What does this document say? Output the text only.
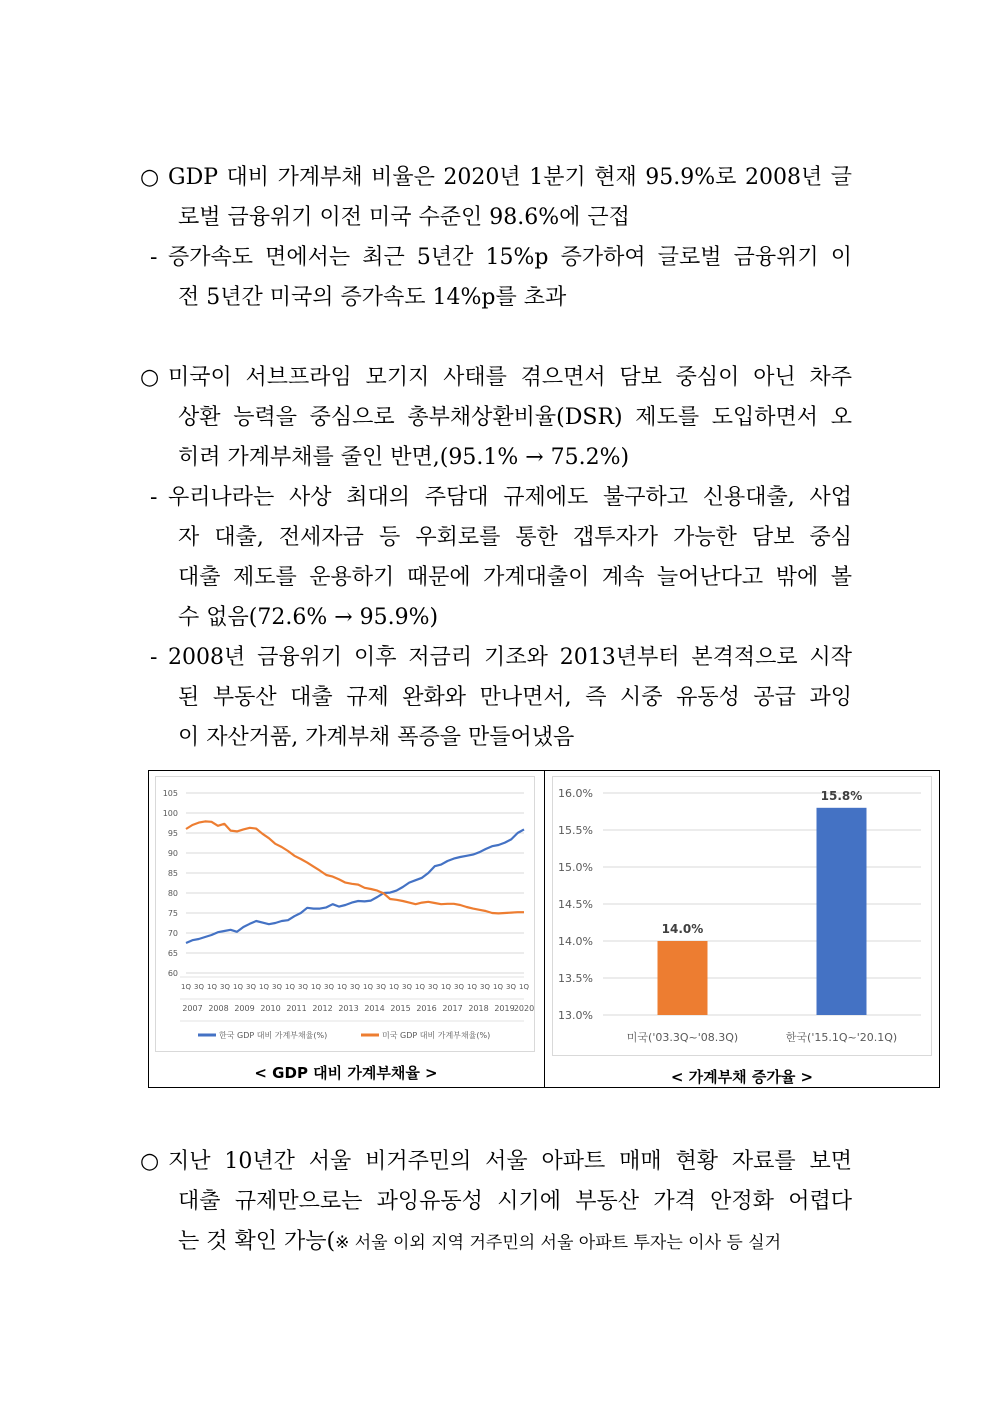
○ GDP 대비 가계부채 비율은 2020년 1분기 현재 95.9%로 2008년 글
로벌 금융위기 이전 미국 수준인 98.6%에 근접
- 증가속도 면에서는 최근 5년간 15%p 증가하여 글로벌 금융위기 이
전 5년간 미국의 증가속도 14%p를 초과
○ 미국이 서브프라임 모기지 사태를 겪으면서 담보 중심이 아닌 차주
상환 능력을 중심으로 총부채상환비율(DSR) 제도를 도입하면서 오
히려 가계부채를 줄인 반면,(95.1% → 75.2%)
- 우리나라는 사상 최대의 주담대 규제에도 불구하고 신용대출, 사업
자 대출, 전세자금 등 우회로를 통한 갭투자가 가능한 담보 중심
대출 제도를 운용하기 때문에 가계대출이 계속 늘어난다고 밖에 볼
수 없음(72.6% → 95.9%)
- 2008년 금융위기 이후 저금리 기조와 2013년부터 본격적으로 시작
된 부동산 대출 규제 완화와 만나면서, 즉 시중 유동성 공급 과잉
이 자산거품, 가계부채 폭증을 만들어냈음
60
65
70
75
80
85
90
95
100
105
1Q 3Q 1Q 3Q 1Q 3Q 1Q 3Q 1Q 3Q 1Q 3Q 1Q 3Q 1Q 3Q 1Q 3Q 1Q 3Q 1Q 3Q 1Q 3Q 1Q 3Q 1Q
2007 2008 2009 2010 2011 2012 2013 2014 2015 2016 2017 2018 2019 2020
한국 GDP 대비 가계부채율(%)	미국 GDP 대비 가계부채율(%)
< GDP 대비 가계부채율 >
13.0%
13.5%
14.0%
14.5%
15.0%
15.5%
16.0%
14.0%
미국('03.3Q~'08.3Q)
15.8%
한국('15.1Q~'20.1Q)
< 가계부채 증가율 >
○ 지난 10년간 서울 비거주민의 서울 아파트 매매 현황 자료를 보면
대출 규제만으로는 과잉유동성 시기에 부동산 가격 안정화 어렵다
는 것 확인 가능(※ 서울 이외 지역 거주민의 서울 아파트 투자는 이사 등 실거
